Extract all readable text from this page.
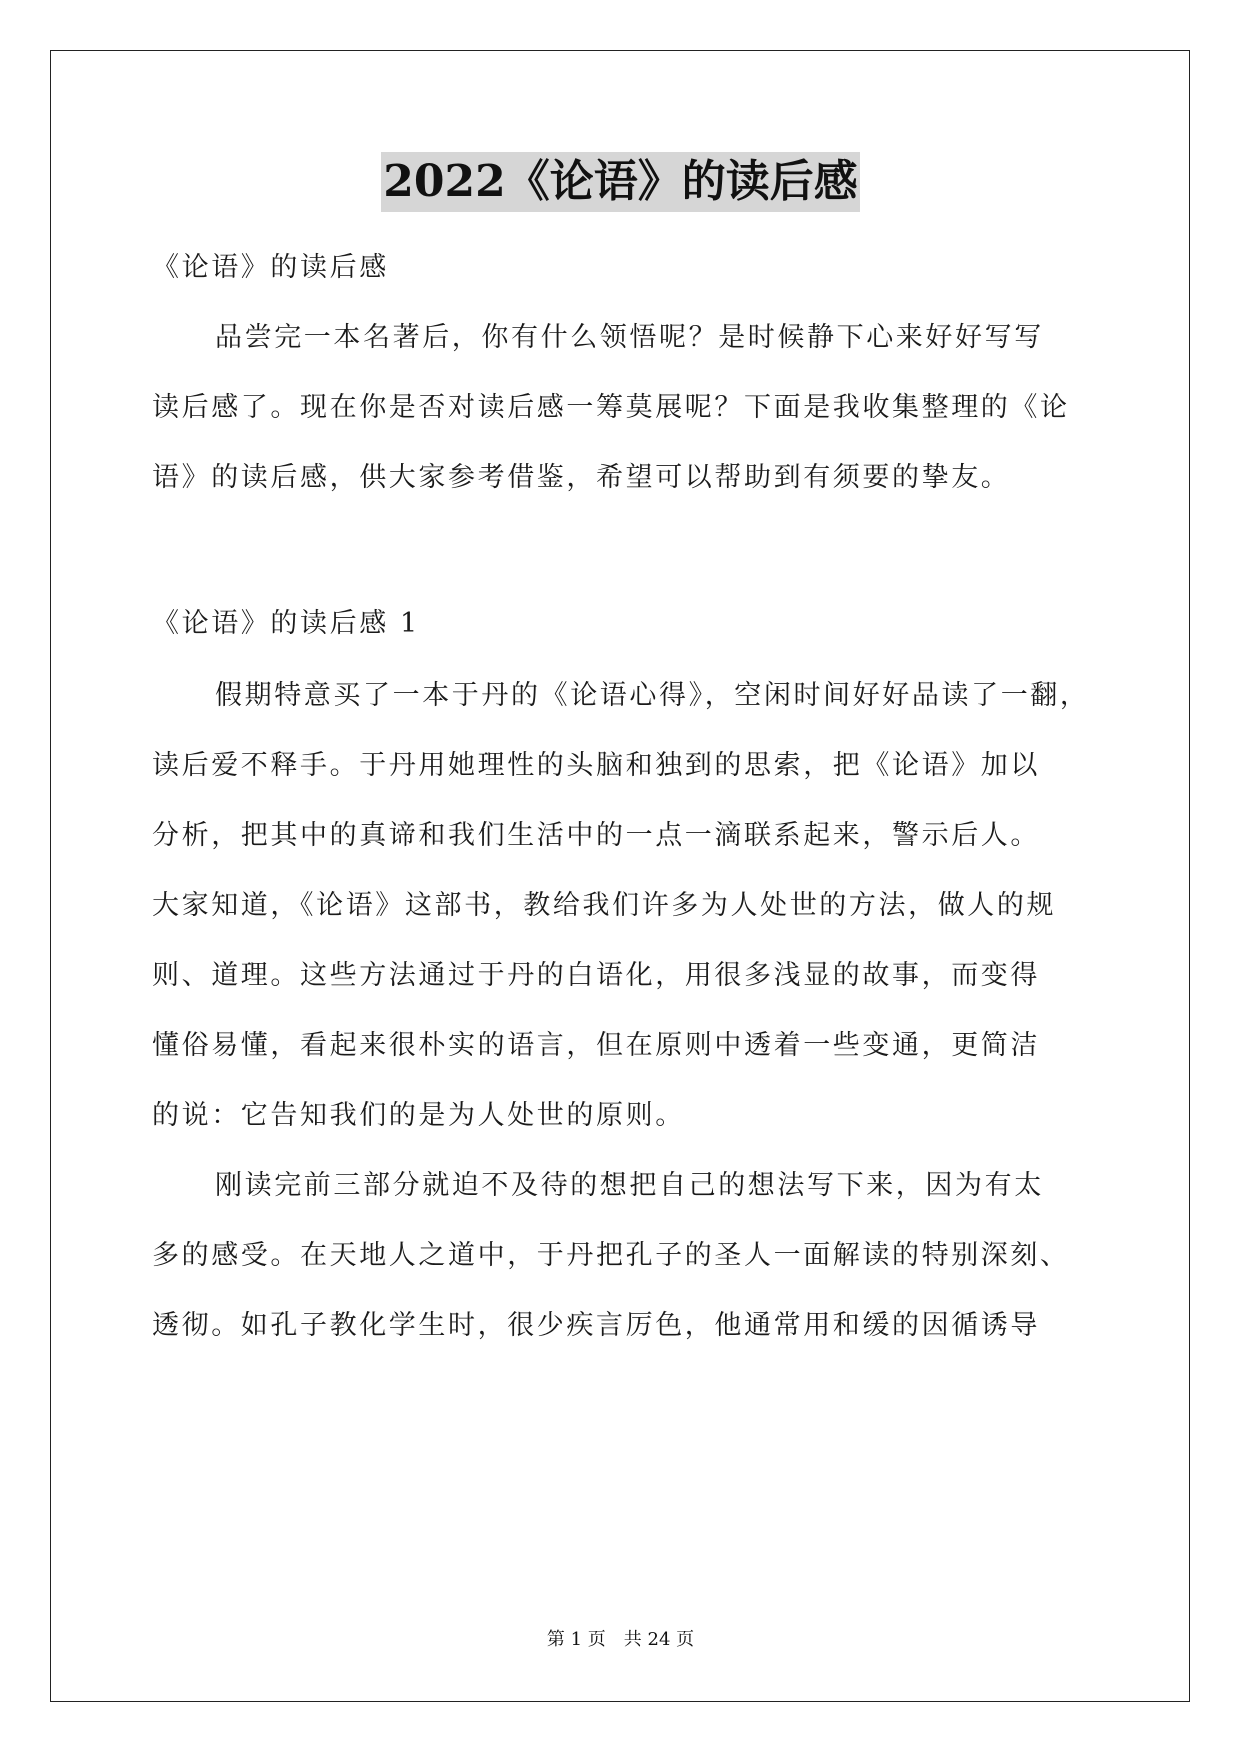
2022《论语》的读后感
《论语》的读后感
品尝完一本名著后，你有什么领悟呢？是时候静下心来好好写写
读后感了。现在你是否对读后感一筹莫展呢？下面是我收集整理的《论
语》的读后感，供大家参考借鉴，希望可以帮助到有须要的挚友。
《论语》的读后感 1
假期特意买了一本于丹的《论语心得》，空闲时间好好品读了一翻，
读后爱不释手。于丹用她理性的头脑和独到的思索，把《论语》加以
分析，把其中的真谛和我们生活中的一点一滴联系起来，警示后人。
大家知道，《论语》这部书，教给我们许多为人处世的方法，做人的规
则、道理。这些方法通过于丹的白语化，用很多浅显的故事，而变得
懂俗易懂，看起来很朴实的语言，但在原则中透着一些变通，更简洁
的说：它告知我们的是为人处世的原则。
刚读完前三部分就迫不及待的想把自己的想法写下来，因为有太
多的感受。在天地人之道中，于丹把孔子的圣人一面解读的特别深刻、
透彻。如孔子教化学生时，很少疾言厉色，他通常用和缓的因循诱导
第 1 页　共 24 页
